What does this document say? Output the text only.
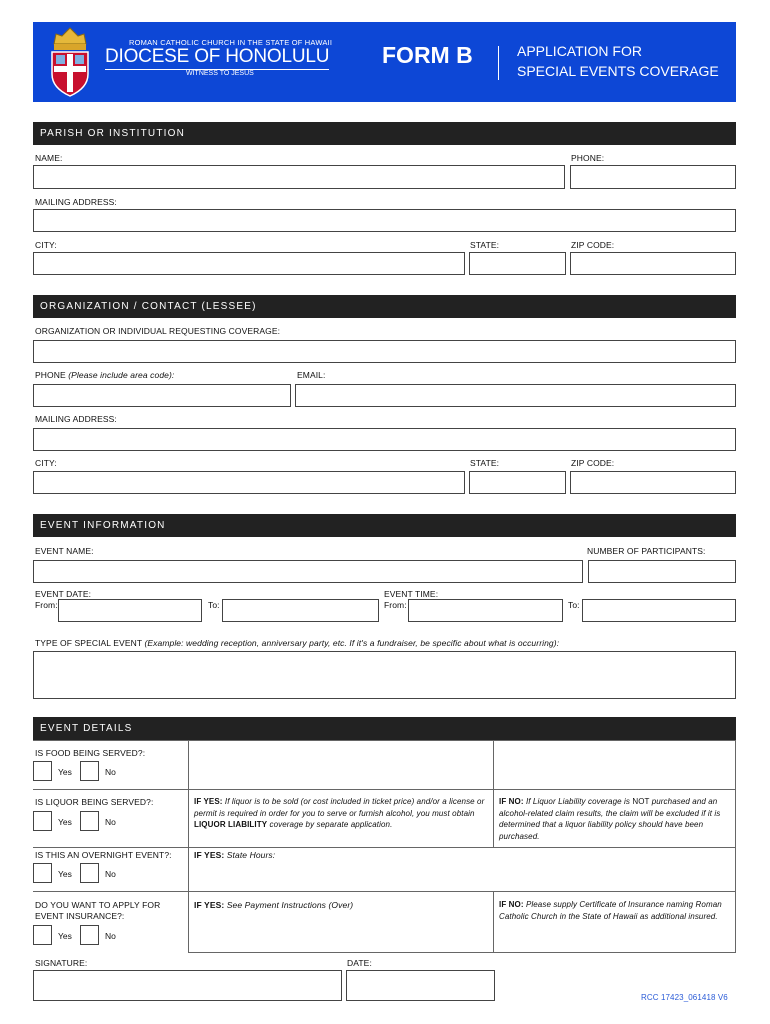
ROMAN CATHOLIC CHURCH IN THE STATE OF HAWAII
DIOCESE OF HONOLULU
WITNESS TO JESUS
FORM B	APPLICATION FOR
SPECIAL EVENTS COVERAGE
PARISH OR INSTITUTION
NAME:	PHONE:
MAILING ADDRESS:
CITY:	STATE:	ZIP CODE:
ORGANIZATION / CONTACT (LESSEE)
ORGANIZATION OR INDIVIDUAL REQUESTING COVERAGE:
PHONE (Please include area code):	EMAIL:
MAILING ADDRESS:
CITY:	STATE:	ZIP CODE:
EVENT INFORMATION
EVENT NAME:	NUMBER OF PARTICIPANTS:
EVENT DATE:
From:	To:
EVENT TIME:
From:	To:
TYPE OF SPECIAL EVENT (Example: wedding reception, anniversary party, etc. If it's a fundraiser, be specific about what is occurring):
EVENT DETAILS
IS FOOD BEING SERVED?:
Yes	No
IS LIQUOR BEING SERVED?:
Yes	No
IF YES: If liquor is to be sold (or cost included in ticket price) and/or a license or permit is required in order for you to serve or furnish alcohol, you must obtain LIQUOR LIABILITY coverage by separate application.
IF NO: If Liquor Liability coverage is NOT purchased and an alcohol-related claim results, the claim will be excluded if it is determined that a liquor liability policy should have been purchased.
IS THIS AN OVERNIGHT EVENT?:
Yes	No
IF YES: State Hours:
DO YOU WANT TO APPLY FOR
EVENT INSURANCE?:
Yes	No
IF YES: See Payment Instructions (Over)	IF NO: Please supply Certificate of Insurance naming Roman Catholic Church in the State of Hawaii as additional insured.
SIGNATURE:	DATE:
RCC 17423_061418 V6
